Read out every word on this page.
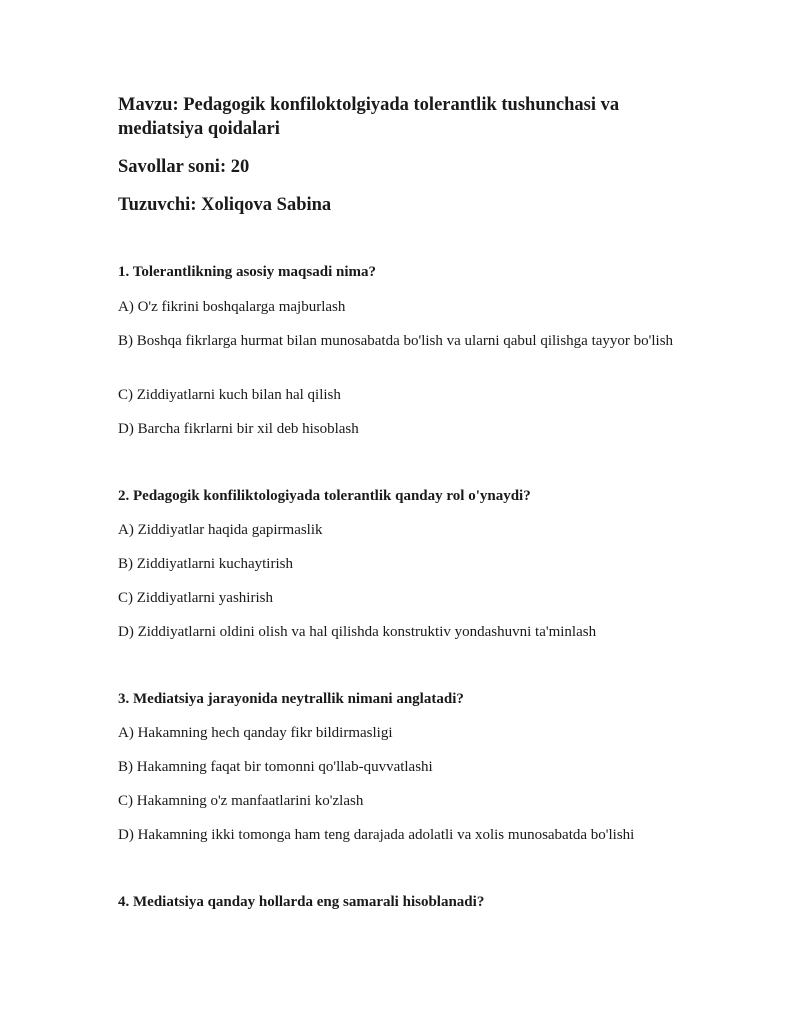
Mavzu: Pedagogik konfiloktolgiyada tolerantlik tushunchasi va mediatsiya qoidalari

Savollar soni: 20

Tuzuvchi: Xoliqova Sabina

1. Tolerantlikning asosiy maqsadi nima?

A) O'z fikrini boshqalarga majburlash

B) Boshqa fikrlarga hurmat bilan munosabatda bo'lish va ularni qabul qilishga tayyor bo'lish

C) Ziddiyatlarni kuch bilan hal qilish

D) Barcha fikrlarni bir xil deb hisoblash

2. Pedagogik konfiliktologiyada tolerantlik qanday rol o'ynaydi?

A) Ziddiyatlar haqida gapirmaslik

B) Ziddiyatlarni kuchaytirish

C) Ziddiyatlarni yashirish

D) Ziddiyatlarni oldini olish va hal qilishda konstruktiv yondashuvni ta'minlash

3. Mediatsiya jarayonida neytrallik nimani anglatadi?

A) Hakamning hech qanday fikr bildirmasligi

B) Hakamning faqat bir tomonni qo'llab-quvvatlashi

C) Hakamning o'z manfaatlarini ko'zlash

D) Hakamning ikki tomonga ham teng darajada adolatli va xolis munosabatda bo'lishi

4. Mediatsiya qanday hollarda eng samarali hisoblanadi?
